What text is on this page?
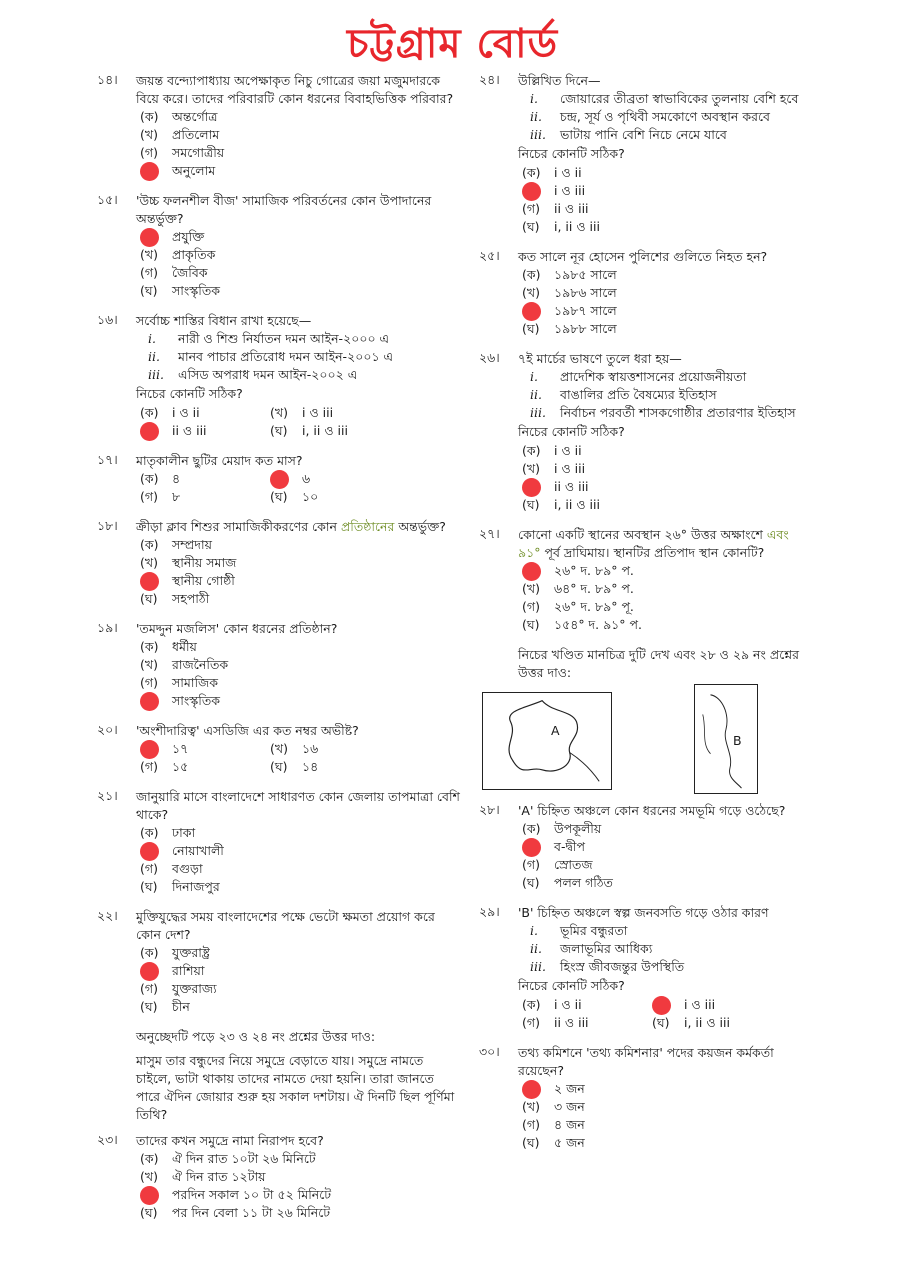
চট্টগ্রাম বোর্ড
১৪।	জয়ন্ত বন্দ্যোপাধ্যায় অপেক্ষাকৃত নিচু গোত্রের জয়া মজুমদারকে বিয়ে করে। তাদের পরিবারটি কোন ধরনের বিবাহভিত্তিক পরিবার?
(ক)	অন্তর্গোত্র
(খ)	প্রতিলোম
(গ)	সমগোত্রীয়
অনুলোম
১৫।	'উচ্চ ফলনশীল বীজ' সামাজিক পরিবর্তনের কোন উপাদানের অন্তর্ভুক্ত?
প্রযুক্তি
(খ)	প্রাকৃতিক
(গ)	জৈবিক
(ঘ)	সাংস্কৃতিক
১৬।	সর্বোচ্চ শাস্তির বিধান রাখা হয়েছে—
i.	নারী ও শিশু নির্যাতন দমন আইন-২০০০ এ
ii.	মানব পাচার প্রতিরোধ দমন আইন-২০০১ এ
iii.	এসিড অপরাধ দমন আইন-২০০২ এ
নিচের কোনটি সঠিক?
(ক)	i ও ii	(খ)	i ও iii
ii ও iii	(ঘ)	i, ii ও iii
১৭।	মাতৃকালীন ছুটির মেয়াদ কত মাস?
(ক)	৪	৬
(গ)	৮	(ঘ)	১০
১৮।	ক্রীড়া ক্লাব শিশুর সামাজিকীকরণের কোন প্রতিষ্ঠানের অন্তর্ভুক্ত?
(ক)	সম্প্রদায়
(খ)	স্থানীয় সমাজ
স্থানীয় গোষ্ঠী
(ঘ)	সহপাঠী
১৯।	'তমদ্দুন মজলিস' কোন ধরনের প্রতিষ্ঠান?
(ক)	ধর্মীয়
(খ)	রাজনৈতিক
(গ)	সামাজিক
সাংস্কৃতিক
২০।	'অংশীদারিত্ব' এসডিজি এর কত নম্বর অভীষ্ট?
১৭	(খ)	১৬
(গ)	১৫	(ঘ)	১৪
২১।	জানুয়ারি মাসে বাংলাদেশে সাধারণত কোন জেলায় তাপমাত্রা বেশি থাকে?
(ক)	ঢাকা
নোয়াখালী
(গ)	বগুড়া
(ঘ)	দিনাজপুর
২২।	মুক্তিযুদ্ধের সময় বাংলাদেশের পক্ষে ভেটো ক্ষমতা প্রয়োগ করে কোন দেশ?
(ক)	যুক্তরাষ্ট্র
রাশিয়া
(গ)	যুক্তরাজ্য
(ঘ)	চীন
অনুচ্ছেদটি পড়ে ২৩ ও ২৪ নং প্রশ্নের উত্তর দাও:
মাসুম তার বন্ধুদের নিয়ে সমুদ্রে বেড়াতে যায়। সমুদ্রে নামতে চাইলে, ভাটা থাকায় তাদের নামতে দেয়া হয়নি। তারা জানতে পারে ঐদিন জোয়ার শুরু হয় সকাল দশটায়। ঐ দিনটি ছিল পূর্ণিমা তিথি?
২৩।	তাদের কখন সমুদ্রে নামা নিরাপদ হবে?
(ক)	ঐ দিন রাত ১০টা ২৬ মিনিটে
(খ)	ঐ দিন রাত ১২টায়
পরদিন সকাল ১০ টা ৫২ মিনিটে
(ঘ)	পর দিন বেলা ১১ টা ২৬ মিনিটে
২৪।	উল্লিখিত দিনে—
i.	জোয়ারের তীব্রতা স্বাভাবিকের তুলনায় বেশি হবে
ii.	চন্দ্র, সূর্য ও পৃথিবী সমকোণে অবস্থান করবে
iii.	ভাটায় পানি বেশি নিচে নেমে যাবে
নিচের কোনটি সঠিক?
(ক)	i ও ii
i ও iii
(গ)	ii ও iii
(ঘ)	i, ii ও iii
২৫।	কত সালে নূর হোসেন পুলিশের গুলিতে নিহত হন?
(ক)	১৯৮৫ সালে
(খ)	১৯৮৬ সালে
১৯৮৭ সালে
(ঘ)	১৯৮৮ সালে
২৬।	৭ই মার্চের ভাষণে তুলে ধরা হয়—
i.	প্রাদেশিক স্বায়ত্তশাসনের প্রয়োজনীয়তা
ii.	বাঙালির প্রতি বৈষম্যের ইতিহাস
iii.	নির্বাচন পরবর্তী শাসকগোষ্ঠীর প্রতারণার ইতিহাস
নিচের কোনটি সঠিক?
(ক)	i ও ii
(খ)	i ও iii
ii ও iii
(ঘ)	i, ii ও iii
২৭।	কোনো একটি স্থানের অবস্থান ২৬° উত্তর অক্ষাংশে এবং ৯১° পূর্ব দ্রাঘিমায়। স্থানটির প্রতিপাদ স্থান কোনটি?
২৬° দ. ৮৯° প.
(খ)	৬৪° দ. ৮৯° প.
(গ)	২৬° দ. ৮৯° পূ.
(ঘ)	১৫৪° দ. ৯১° প.
নিচের খণ্ডিত মানচিত্র দুটি দেখ এবং ২৮ ও ২৯ নং প্রশ্নের উত্তর দাও:
A
B
২৮।	'A' চিহ্নিত অঞ্চলে কোন ধরনের সমভূমি গড়ে ওঠেছে?
(ক)	উপকূলীয়
ব-দ্বীপ
(গ)	স্রোতজ
(ঘ)	পলল গঠিত
২৯।	'B' চিহ্নিত অঞ্চলে স্বল্প জনবসতি গড়ে ওঠার কারণ
i.	ভূমির বন্ধুরতা
ii.	জলাভূমির আধিক্য
iii.	হিংস্র জীবজন্তুর উপস্থিতি
নিচের কোনটি সঠিক?
(ক)	i ও ii	i ও iii
(গ)	ii ও iii	(ঘ)	i, ii ও iii
৩০।	তথ্য কমিশনে 'তথ্য কমিশনার' পদের কয়জন কর্মকর্তা রয়েছেন?
২ জন
(খ)	৩ জন
(গ)	৪ জন
(ঘ)	৫ জন
